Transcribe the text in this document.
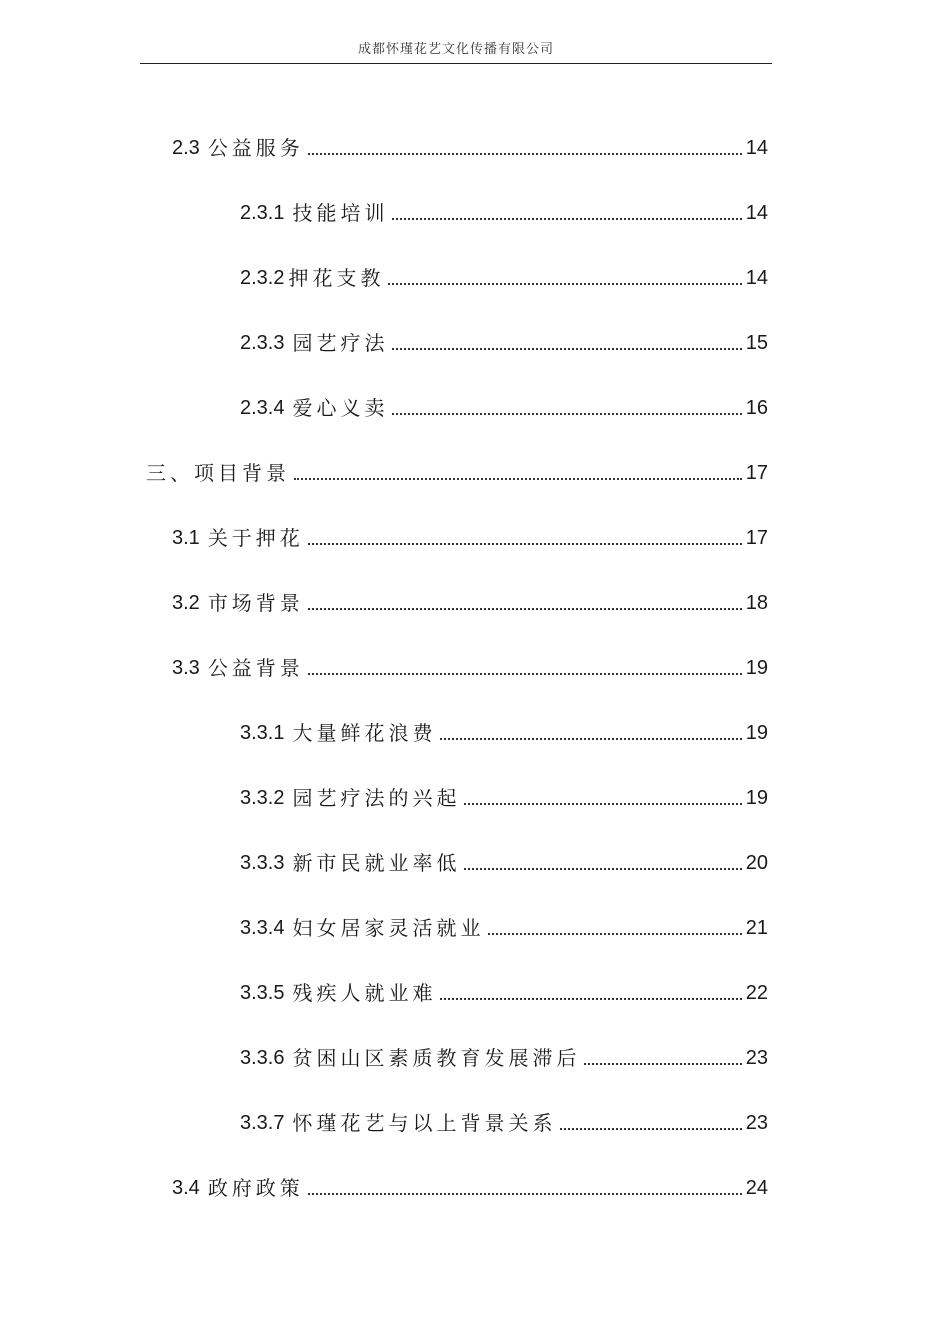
成都怀瑾花艺文化传播有限公司
2.3 公益服务	14
2.3.1 技能培训	14
2.3.2 押花支教	14
2.3.3 园艺疗法	15
2.3.4 爱心义卖	16
三、项目背景	17
3.1 关于押花	17
3.2 市场背景	18
3.3 公益背景	19
3.3.1 大量鲜花浪费	19
3.3.2 园艺疗法的兴起	19
3.3.3 新市民就业率低	20
3.3.4 妇女居家灵活就业	21
3.3.5 残疾人就业难	22
3.3.6 贫困山区素质教育发展滞后	23
3.3.7 怀瑾花艺与以上背景关系	23
3.4 政府政策	24
